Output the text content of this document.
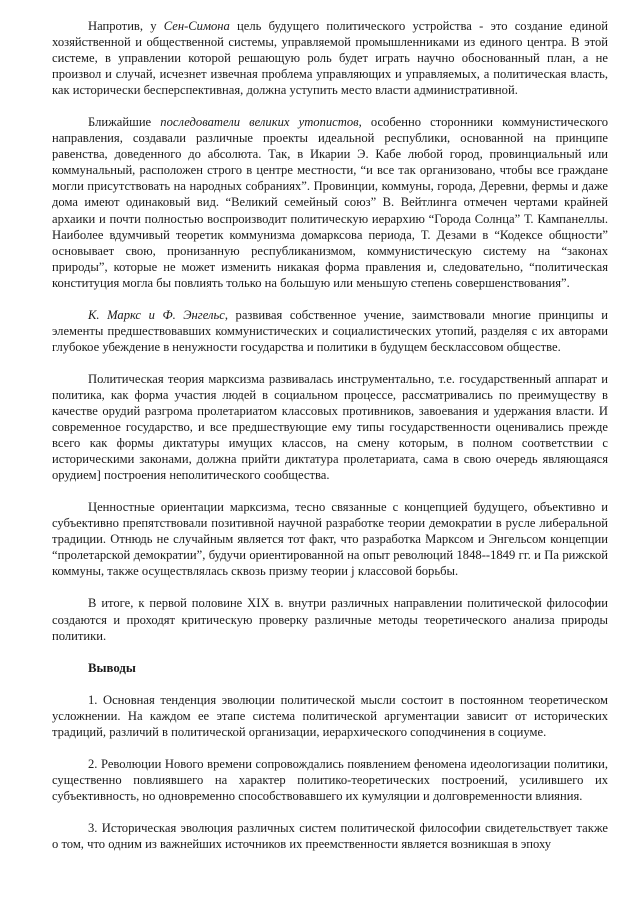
Напротив, у Сен-Симона цель будущего политического устройства - это создание единой хозяйственной и общественной системы, управляемой промышленниками из единого центра. В этой системе, в управлении которой решающую роль будет играть научно обоснованный план, а не произвол и случай, исчезнет извечная проблема управляющих и управляемых, а политическая власть, как исторически бесперспективная, должна уступить место власти административной.

Ближайшие последователи великих утопистов, особенно сторонники коммунистического направления, создавали различные проекты идеальной республики, основанной на принципе равенства, доведенного до абсолюта. Так, в Икарии Э. Кабе любой город, провинциальный или коммунальный, расположен строго в центре местности, “и все так организовано, чтобы все граждане могли присутствовать на народных собраниях”. Провинции, коммуны, города, Деревни, фермы и даже дома имеют одинаковый вид. “Великий семейный союз” В. Вейтлинга отмечен чертами крайней архаики и почти полностью воспроизводит политическую иерархию “Города Солнца” Т. Кампанеллы. Наиболее вдумчивый теоретик коммунизма домарксова периода, Т. Дезами в “Кодексе общности” основывает свою, пронизанную республиканизмом, коммунистическую систему на “законах природы”, которые не может изменить никакая форма правления и, следовательно, “политическая конституция могла бы повлиять только на большую или меньшую степень совершенствования”.

К. Маркс и Ф. Энгельс, развивая собственное учение, заимствовали многие принципы и элементы предшествовавших коммунистических и социалистических утопий, разделяя с их авторами глубокое убеждение в ненужности государства и политики в будущем бесклассовом обществе.

Политическая теория марксизма развивалась инструментально, т.е. государственный аппарат и политика, как форма участия людей в социальном процессе, рассматривались по преимуществу в качестве орудий разгрома пролетариатом классовых противников, завоевания и удержания власти. И современное государство, и все предшествующие ему типы государственности оценивались прежде всего как формы диктатуры имущих классов, на смену которым, в полном соответствии с историческими законами, должна прийти диктатура пролетариата, сама в свою очередь являющаяся орудием] построения неполитического сообщества.

Ценностные ориентации марксизма, тесно связанные с концепцией будущего, объективно и субъективно препятствовали позитивной научной разработке теории демократии в русле либеральной традиции. Отнюдь не случайным является тот факт, что разработка Марксом и Энгельсом концепции “пролетарской демократии”, будучи ориентированной на опыт революций 1848--1849 гг. и Па рижской коммуны, также осуществлялась сквозь призму теории j классовой борьбы.

В итоге, к первой половине XIX в. внутри различных направлении политической философии создаются и проходят критическую проверку различные методы теоретического анализа природы политики.

Выводы

1. Основная тенденция эволюции политической мысли состоит в постоянном теоретическом усложнении. На каждом ее этапе система политической аргументации зависит от исторических традиций, различий в политической организации, иерархического соподчинения в социуме.

2. Революции Нового времени сопровождались появлением феномена идеологизации политики, существенно повлиявшего на характер политико-теоретических построений, усилившего их субъективность, но одновременно способствовавшего их кумуляции и долговременности влияния.

3. Историческая эволюция различных систем политической философии свидетельствует также о том, что одним из важнейших источников их преемственности является возникшая в эпоху
